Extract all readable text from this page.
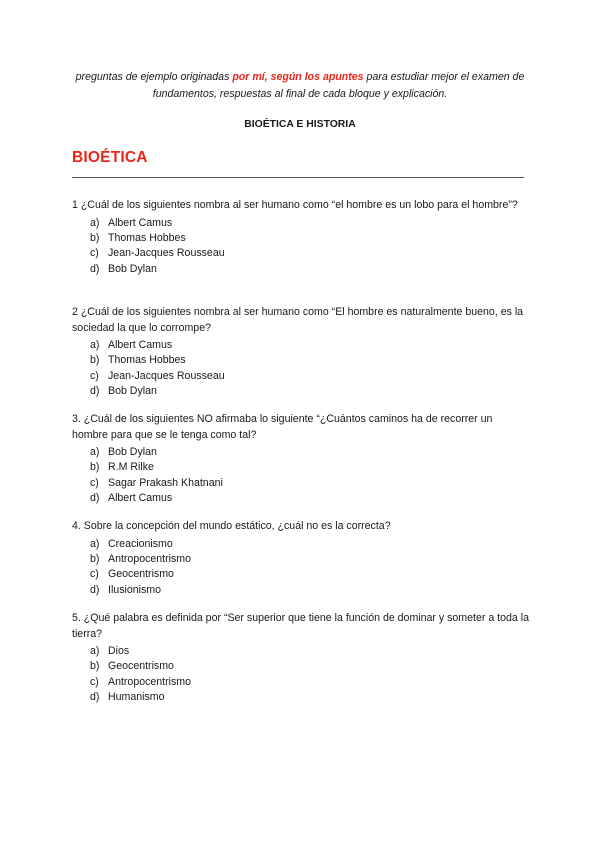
preguntas de ejemplo originadas por mí, según los apuntes para estudiar mejor el examen de fundamentos, respuestas al final de cada bloque y explicación.

BIOÉTICA E HISTORIA
BIOÉTICA

1 ¿Cuál de los siguientes nombra al ser humano como “el hombre es un lobo para el hombre”?

a) Albert Camus
b) Thomas Hobbes
c) Jean-Jacques Rousseau
d) Bob Dylan

2 ¿Cuál de los siguientes nombra al ser humano como “El hombre es naturalmente bueno, es la sociedad la que lo corrompe?

a) Albert Camus
b) Thomas Hobbes
c) Jean-Jacques Rousseau
d) Bob Dylan

3. ¿Cuál de los siguientes NO afirmaba lo siguiente “¿Cuántos caminos ha de recorrer un hombre para que se le tenga como tal?

a) Bob Dylan
b) R.M Rilke
c) Sagar Prakash Khatnani
d) Albert Camus

4. Sobre la concepción del mundo estático, ¿cuál no es la correcta?

a) Creacionismo
b) Antropocentrismo
c) Geocentrismo
d) Ilusionismo

5. ¿Qué palabra es definida por “Ser superior que tiene la función de dominar y someter a toda la tierra?

a) Dios
b) Geocentrismo
c) Antropocentrismo
d) Humanismo
